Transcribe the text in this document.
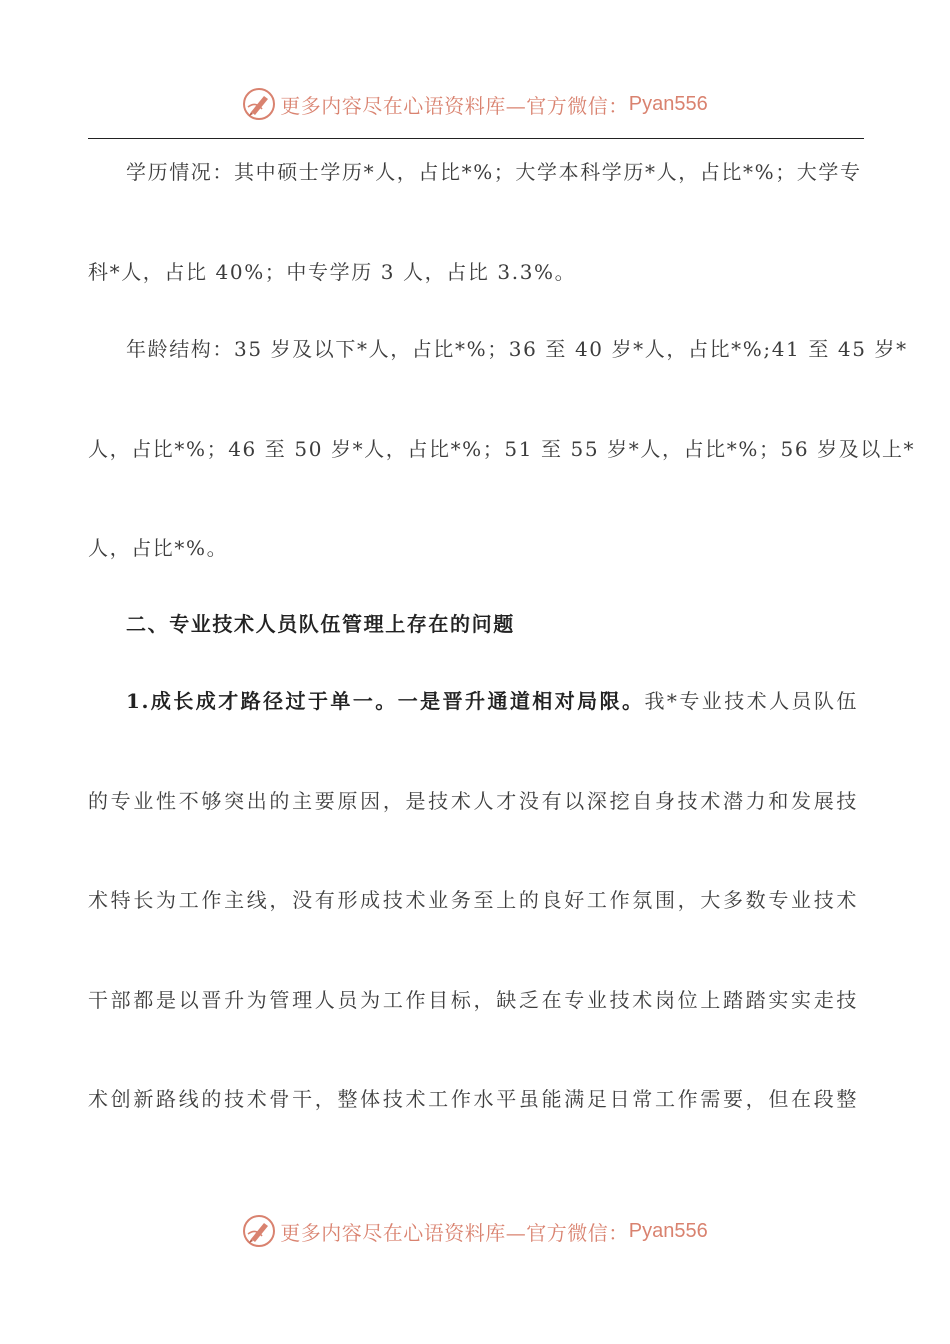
更多内容尽在心语资料库—官方微信： Pyan556
学历情况：其中硕士学历*人，占比*%；大学本科学历*人，占比*%；大学专
科*人，占比 40%；中专学历 3 人，占比 3.3%。
年龄结构：35 岁及以下*人，占比*%；36 至 40 岁*人，占比*%;41 至 45 岁*
人，占比*%；46 至 50 岁*人，占比*%；51 至 55 岁*人，占比*%；56 岁及以上*
人，占比*%。
二、专业技术人员队伍管理上存在的问题
1.成长成才路径过于单一。一是晋升通道相对局限。我*专业技术人员队伍
的专业性不够突出的主要原因，是技术人才没有以深挖自身技术潜力和发展技
术特长为工作主线，没有形成技术业务至上的良好工作氛围，大多数专业技术
干部都是以晋升为管理人员为工作目标，缺乏在专业技术岗位上踏踏实实走技
术创新路线的技术骨干，整体技术工作水平虽能满足日常工作需要，但在段整
更多内容尽在心语资料库—官方微信： Pyan556
